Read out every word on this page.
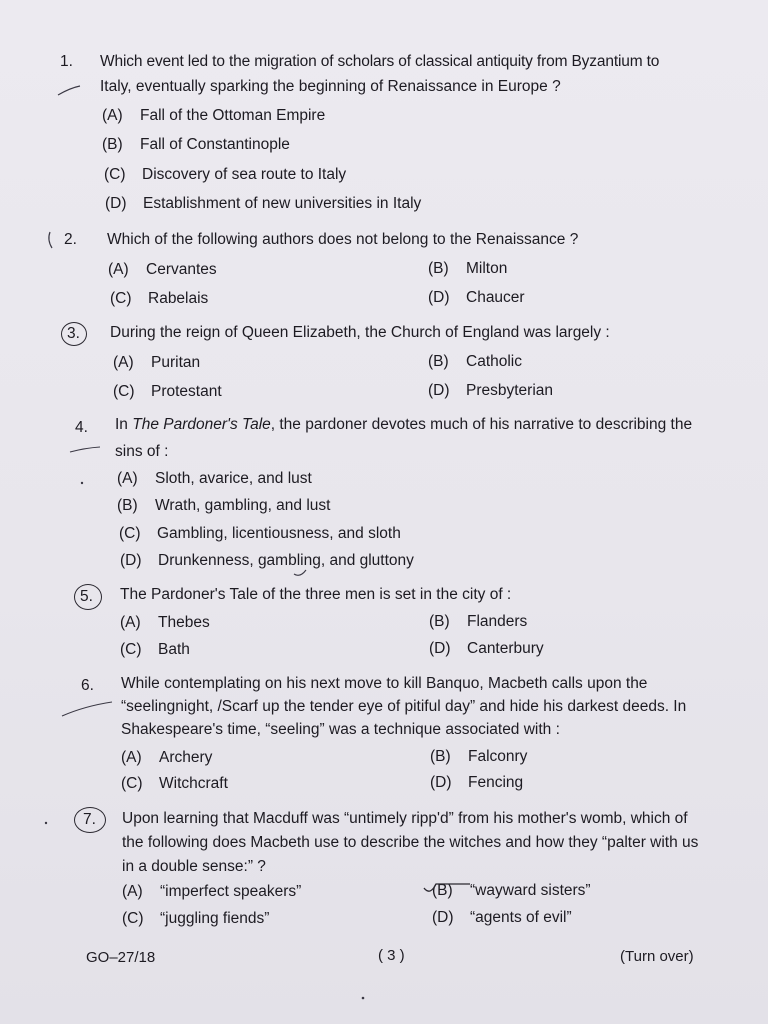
1. Which event led to the migration of scholars of classical antiquity from Byzantium to
Italy, eventually sparking the beginning of Renaissance in Europe ?
(A) Fall of the Ottoman Empire
(B) Fall of Constantinople
(C) Discovery of sea route to Italy
(D) Establishment of new universities in Italy
2. Which of the following authors does not belong to the Renaissance ?
(A) Cervantes	(B) Milton
(C) Rabelais	(D) Chaucer
3. During the reign of Queen Elizabeth, the Church of England was largely :
(A) Puritan	(B) Catholic
(C) Protestant	(D) Presbyterian
4. In The Pardoner's Tale, the pardoner devotes much of his narrative to describing the
sins of :
(A) Sloth, avarice, and lust
(B) Wrath, gambling, and lust
(C) Gambling, licentiousness, and sloth
(D) Drunkenness, gambling, and gluttony
5. The Pardoner's Tale of the three men is set in the city of :
(A) Thebes	(B) Flanders
(C) Bath	(D) Canterbury
6. While contemplating on his next move to kill Banquo, Macbeth calls upon the
“seelingnight, /Scarf up the tender eye of pitiful day” and hide his darkest deeds. In
Shakespeare's time, “seeling” was a technique associated with :
(A) Archery	(B) Falconry
(C) Witchcraft	(D) Fencing
7. Upon learning that Macduff was “untimely ripp'd” from his mother's womb, which of
the following does Macbeth use to describe the witches and how they “palter with us
in a double sense:” ?
(A) “imperfect speakers”	(B) “wayward sisters”
(C) “juggling fiends”	(D) “agents of evil”
GO–27/18	( 3 )	(Turn over)
